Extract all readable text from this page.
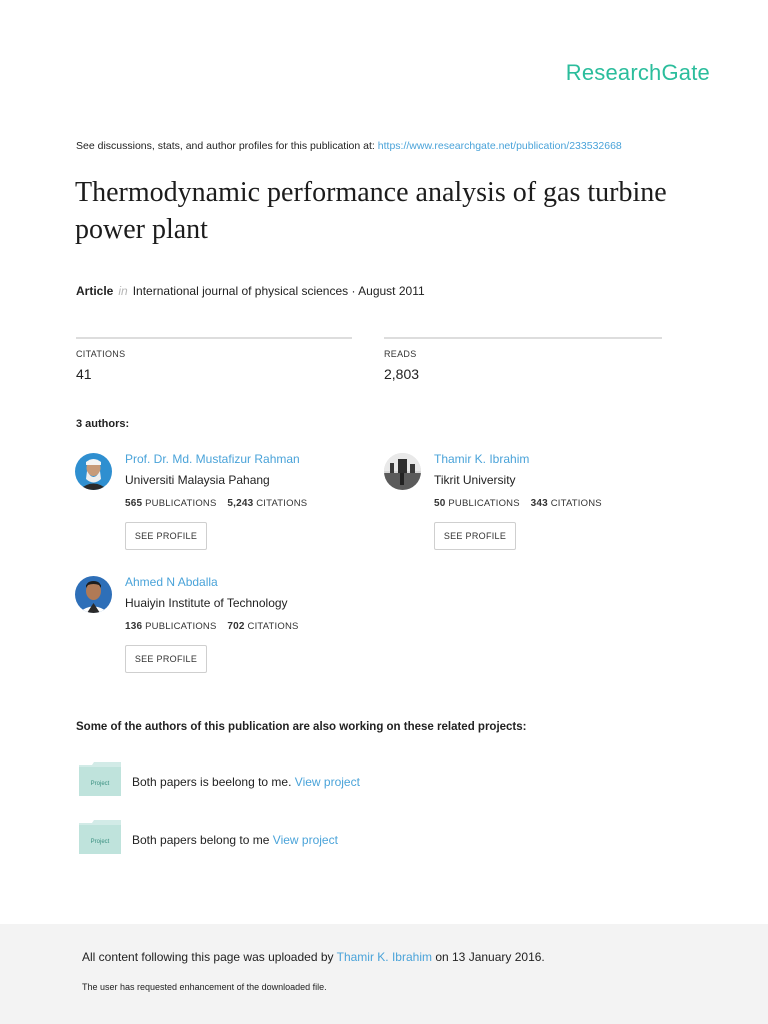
ResearchGate
See discussions, stats, and author profiles for this publication at: https://www.researchgate.net/publication/233532668
Thermodynamic performance analysis of gas turbine power plant
Article in International journal of physical sciences · August 2011
CITATIONS
41
READS
2,803
3 authors:
Prof. Dr. Md. Mustafizur Rahman
Universiti Malaysia Pahang
565 PUBLICATIONS 5,243 CITATIONS
SEE PROFILE
Thamir K. Ibrahim
Tikrit University
50 PUBLICATIONS 343 CITATIONS
SEE PROFILE
Ahmed N Abdalla
Huaiyin Institute of Technology
136 PUBLICATIONS 702 CITATIONS
SEE PROFILE
Some of the authors of this publication are also working on these related projects:
Project Both papers is beelong to me. View project
Project Both papers belong to me View project
All content following this page was uploaded by Thamir K. Ibrahim on 13 January 2016.
The user has requested enhancement of the downloaded file.
